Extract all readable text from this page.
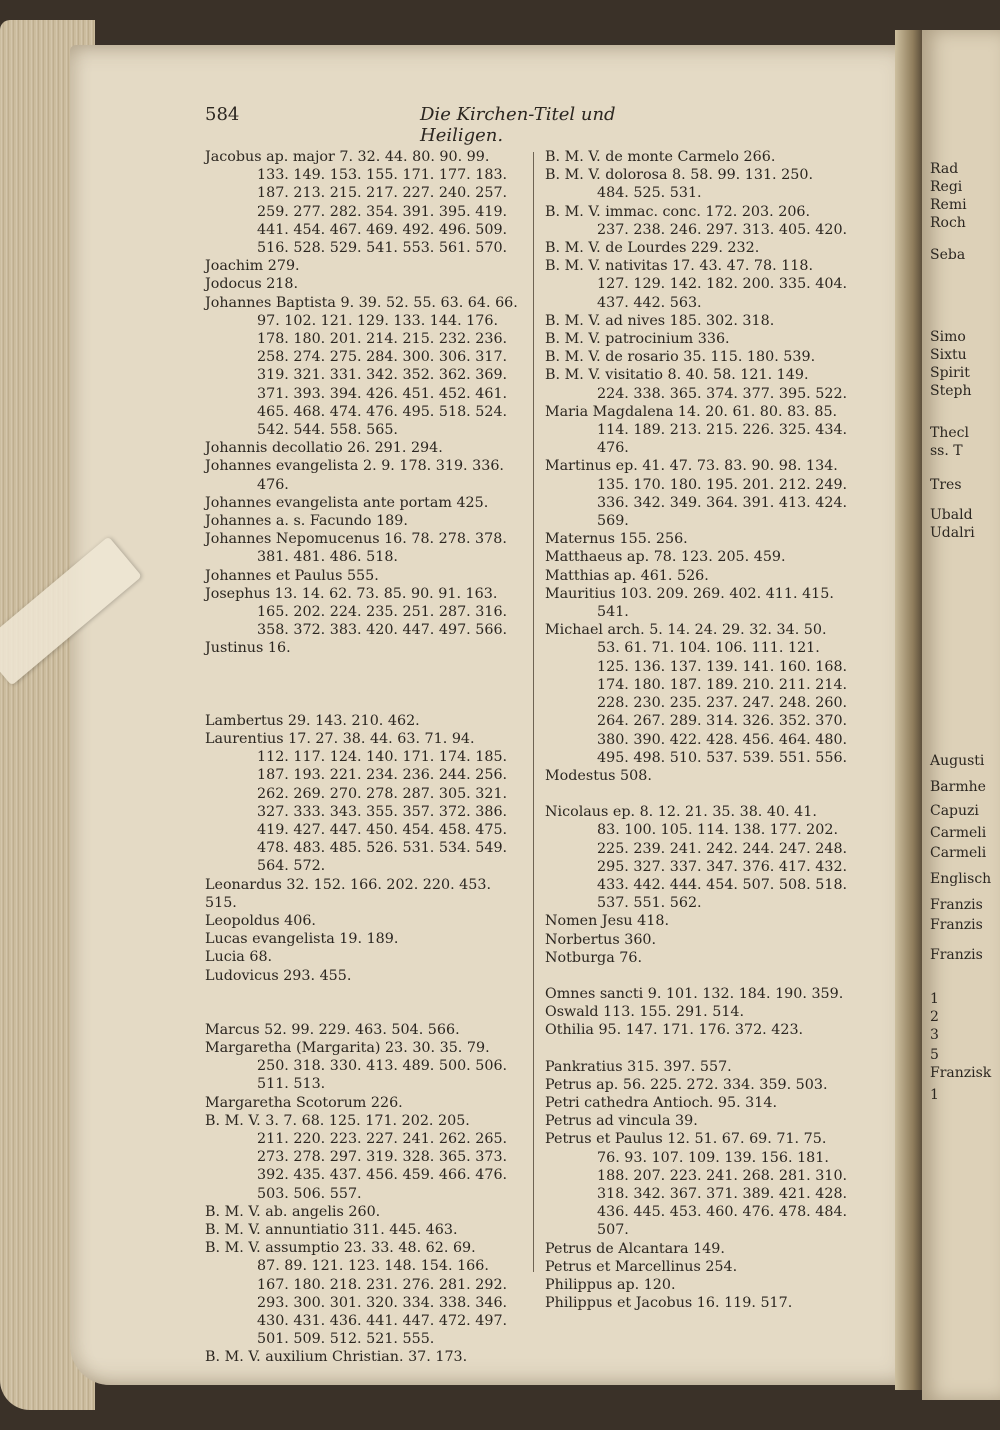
Rad
Regi
Remi
Roch
Seba
Simo
Sixtu
Spirit
Steph
Thecl
ss. T
Tres
Ubald
Udalri
Augusti
Barmhe
Capuzi
Carmeli
Carmeli
Englisch
Franzis
Franzis
Franzis
1
2
3
5
Franzisk
1
584	Die Kirchen-Titel und Heiligen.
Jacobus ap. major 7. 32. 44. 80. 90. 99.
133. 149. 153. 155. 171. 177. 183.
187. 213. 215. 217. 227. 240. 257.
259. 277. 282. 354. 391. 395. 419.
441. 454. 467. 469. 492. 496. 509.
516. 528. 529. 541. 553. 561. 570.
Joachim 279.
Jodocus 218.
Johannes Baptista 9. 39. 52. 55. 63. 64. 66.
97. 102. 121. 129. 133. 144. 176.
178. 180. 201. 214. 215. 232. 236.
258. 274. 275. 284. 300. 306. 317.
319. 321. 331. 342. 352. 362. 369.
371. 393. 394. 426. 451. 452. 461.
465. 468. 474. 476. 495. 518. 524.
542. 544. 558. 565.
Johannis decollatio 26. 291. 294.
Johannes evangelista 2. 9. 178. 319. 336.
476.
Johannes evangelista ante portam 425.
Johannes a. s. Facundo 189.
Johannes Nepomucenus 16. 78. 278. 378.
381. 481. 486. 518.
Johannes et Paulus 555.
Josephus 13. 14. 62. 73. 85. 90. 91. 163.
165. 202. 224. 235. 251. 287. 316.
358. 372. 383. 420. 447. 497. 566.
Justinus 16.
Lambertus 29. 143. 210. 462.
Laurentius 17. 27. 38. 44. 63. 71. 94.
112. 117. 124. 140. 171. 174. 185.
187. 193. 221. 234. 236. 244. 256.
262. 269. 270. 278. 287. 305. 321.
327. 333. 343. 355. 357. 372. 386.
419. 427. 447. 450. 454. 458. 475.
478. 483. 485. 526. 531. 534. 549.
564. 572.
Leonardus 32. 152. 166. 202. 220. 453. 515.
Leopoldus 406.
Lucas evangelista 19. 189.
Lucia 68.
Ludovicus 293. 455.
Marcus 52. 99. 229. 463. 504. 566.
Margaretha (Margarita) 23. 30. 35. 79.
250. 318. 330. 413. 489. 500. 506.
511. 513.
Margaretha Scotorum 226.
B. M. V. 3. 7. 68. 125. 171. 202. 205.
211. 220. 223. 227. 241. 262. 265.
273. 278. 297. 319. 328. 365. 373.
392. 435. 437. 456. 459. 466. 476.
503. 506. 557.
B. M. V. ab. angelis 260.
B. M. V. annuntiatio 311. 445. 463.
B. M. V. assumptio 23. 33. 48. 62. 69.
87. 89. 121. 123. 148. 154. 166.
167. 180. 218. 231. 276. 281. 292.
293. 300. 301. 320. 334. 338. 346.
430. 431. 436. 441. 447. 472. 497.
501. 509. 512. 521. 555.
B. M. V. auxilium Christian. 37. 173.
B. M. V. de monte Carmelo 266.
B. M. V. dolorosa 8. 58. 99. 131. 250.
484. 525. 531.
B. M. V. immac. conc. 172. 203. 206.
237. 238. 246. 297. 313. 405. 420.
B. M. V. de Lourdes 229. 232.
B. M. V. nativitas 17. 43. 47. 78. 118.
127. 129. 142. 182. 200. 335. 404.
437. 442. 563.
B. M. V. ad nives 185. 302. 318.
B. M. V. patrocinium 336.
B. M. V. de rosario 35. 115. 180. 539.
B. M. V. visitatio 8. 40. 58. 121. 149.
224. 338. 365. 374. 377. 395. 522.
Maria Magdalena 14. 20. 61. 80. 83. 85.
114. 189. 213. 215. 226. 325. 434.
476.
Martinus ep. 41. 47. 73. 83. 90. 98. 134.
135. 170. 180. 195. 201. 212. 249.
336. 342. 349. 364. 391. 413. 424.
569.
Maternus 155. 256.
Matthaeus ap. 78. 123. 205. 459.
Matthias ap. 461. 526.
Mauritius 103. 209. 269. 402. 411. 415.
541.
Michael arch. 5. 14. 24. 29. 32. 34. 50.
53. 61. 71. 104. 106. 111. 121.
125. 136. 137. 139. 141. 160. 168.
174. 180. 187. 189. 210. 211. 214.
228. 230. 235. 237. 247. 248. 260.
264. 267. 289. 314. 326. 352. 370.
380. 390. 422. 428. 456. 464. 480.
495. 498. 510. 537. 539. 551. 556.
Modestus 508.
Nicolaus ep. 8. 12. 21. 35. 38. 40. 41.
83. 100. 105. 114. 138. 177. 202.
225. 239. 241. 242. 244. 247. 248.
295. 327. 337. 347. 376. 417. 432.
433. 442. 444. 454. 507. 508. 518.
537. 551. 562.
Nomen Jesu 418.
Norbertus 360.
Notburga 76.
Omnes sancti 9. 101. 132. 184. 190. 359.
Oswald 113. 155. 291. 514.
Othilia 95. 147. 171. 176. 372. 423.
Pankratius 315. 397. 557.
Petrus ap. 56. 225. 272. 334. 359. 503.
Petri cathedra Antioch. 95. 314.
Petrus ad vincula 39.
Petrus et Paulus 12. 51. 67. 69. 71. 75.
76. 93. 107. 109. 139. 156. 181.
188. 207. 223. 241. 268. 281. 310.
318. 342. 367. 371. 389. 421. 428.
436. 445. 453. 460. 476. 478. 484.
507.
Petrus de Alcantara 149.
Petrus et Marcellinus 254.
Philippus ap. 120.
Philippus et Jacobus 16. 119. 517.
